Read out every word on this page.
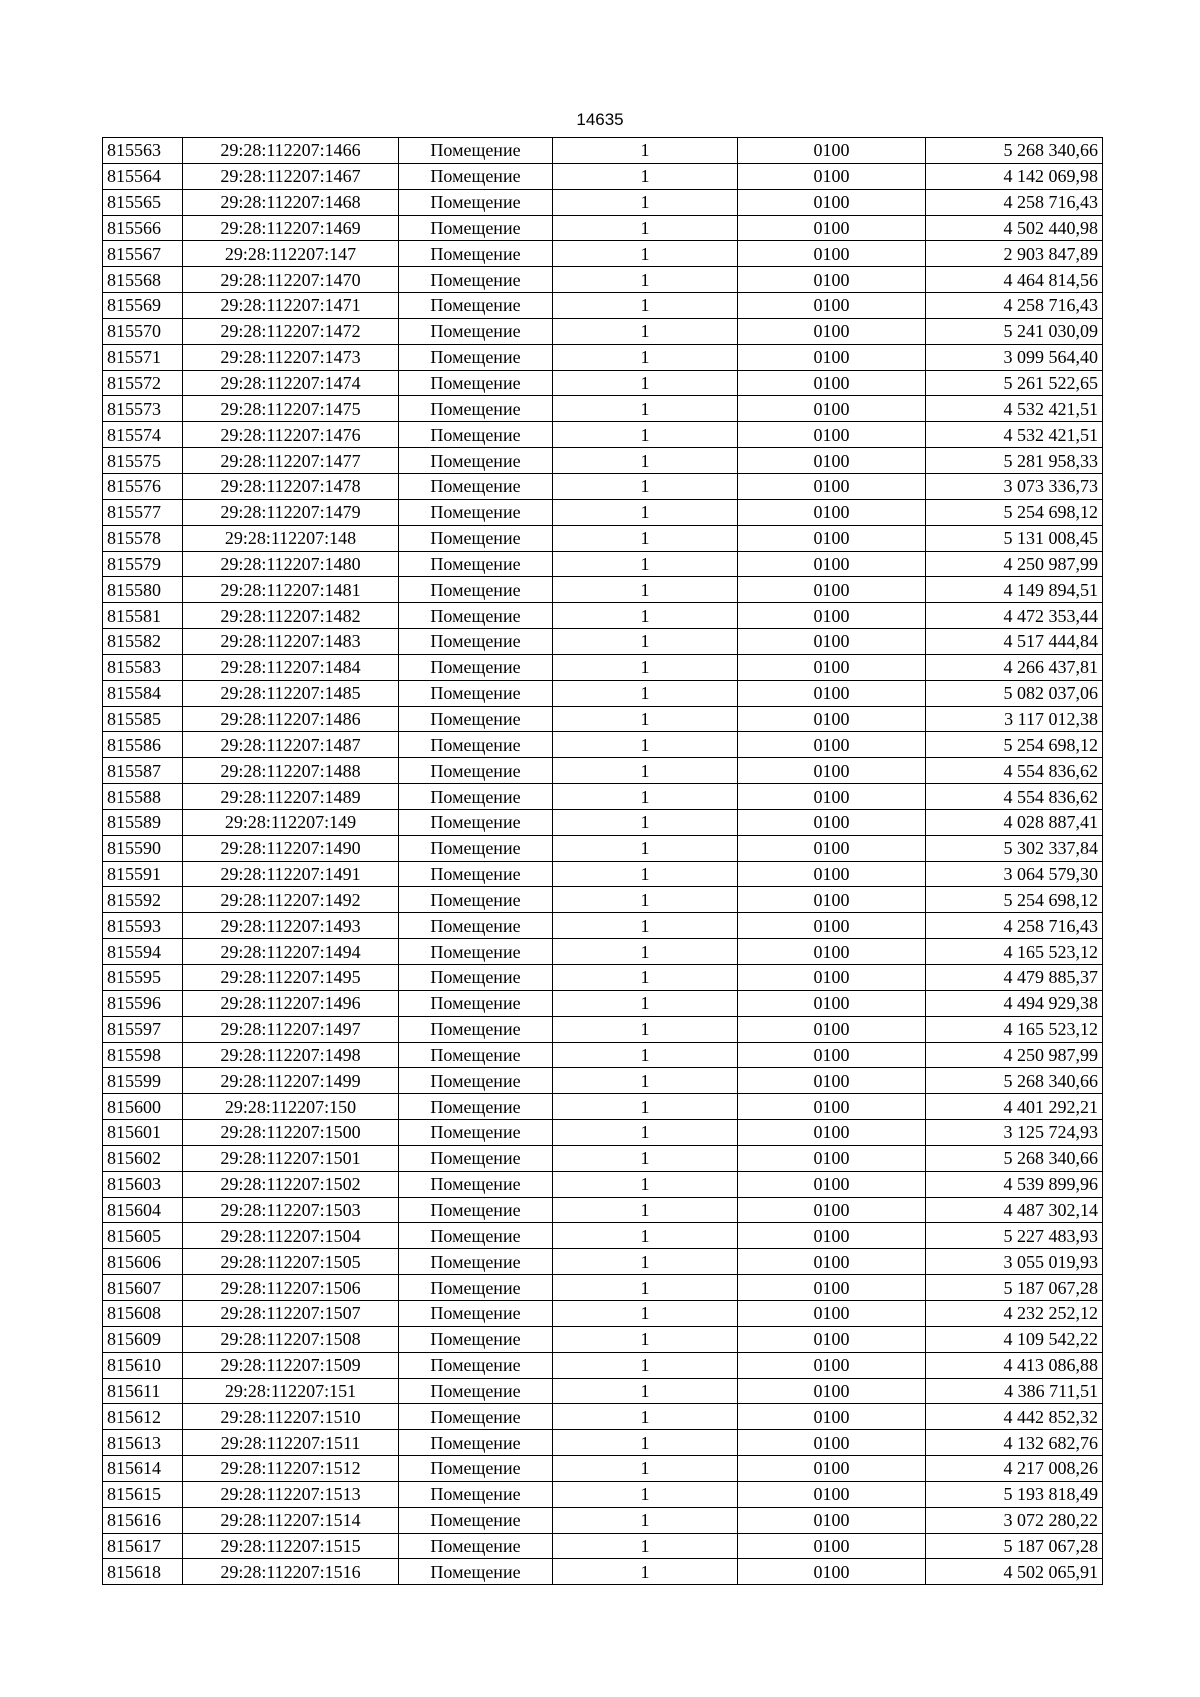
14635
815563	29:28:112207:1466	Помещение	1	0100	5 268 340,66
815564	29:28:112207:1467	Помещение	1	0100	4 142 069,98
815565	29:28:112207:1468	Помещение	1	0100	4 258 716,43
815566	29:28:112207:1469	Помещение	1	0100	4 502 440,98
815567	29:28:112207:147	Помещение	1	0100	2 903 847,89
815568	29:28:112207:1470	Помещение	1	0100	4 464 814,56
815569	29:28:112207:1471	Помещение	1	0100	4 258 716,43
815570	29:28:112207:1472	Помещение	1	0100	5 241 030,09
815571	29:28:112207:1473	Помещение	1	0100	3 099 564,40
815572	29:28:112207:1474	Помещение	1	0100	5 261 522,65
815573	29:28:112207:1475	Помещение	1	0100	4 532 421,51
815574	29:28:112207:1476	Помещение	1	0100	4 532 421,51
815575	29:28:112207:1477	Помещение	1	0100	5 281 958,33
815576	29:28:112207:1478	Помещение	1	0100	3 073 336,73
815577	29:28:112207:1479	Помещение	1	0100	5 254 698,12
815578	29:28:112207:148	Помещение	1	0100	5 131 008,45
815579	29:28:112207:1480	Помещение	1	0100	4 250 987,99
815580	29:28:112207:1481	Помещение	1	0100	4 149 894,51
815581	29:28:112207:1482	Помещение	1	0100	4 472 353,44
815582	29:28:112207:1483	Помещение	1	0100	4 517 444,84
815583	29:28:112207:1484	Помещение	1	0100	4 266 437,81
815584	29:28:112207:1485	Помещение	1	0100	5 082 037,06
815585	29:28:112207:1486	Помещение	1	0100	3 117 012,38
815586	29:28:112207:1487	Помещение	1	0100	5 254 698,12
815587	29:28:112207:1488	Помещение	1	0100	4 554 836,62
815588	29:28:112207:1489	Помещение	1	0100	4 554 836,62
815589	29:28:112207:149	Помещение	1	0100	4 028 887,41
815590	29:28:112207:1490	Помещение	1	0100	5 302 337,84
815591	29:28:112207:1491	Помещение	1	0100	3 064 579,30
815592	29:28:112207:1492	Помещение	1	0100	5 254 698,12
815593	29:28:112207:1493	Помещение	1	0100	4 258 716,43
815594	29:28:112207:1494	Помещение	1	0100	4 165 523,12
815595	29:28:112207:1495	Помещение	1	0100	4 479 885,37
815596	29:28:112207:1496	Помещение	1	0100	4 494 929,38
815597	29:28:112207:1497	Помещение	1	0100	4 165 523,12
815598	29:28:112207:1498	Помещение	1	0100	4 250 987,99
815599	29:28:112207:1499	Помещение	1	0100	5 268 340,66
815600	29:28:112207:150	Помещение	1	0100	4 401 292,21
815601	29:28:112207:1500	Помещение	1	0100	3 125 724,93
815602	29:28:112207:1501	Помещение	1	0100	5 268 340,66
815603	29:28:112207:1502	Помещение	1	0100	4 539 899,96
815604	29:28:112207:1503	Помещение	1	0100	4 487 302,14
815605	29:28:112207:1504	Помещение	1	0100	5 227 483,93
815606	29:28:112207:1505	Помещение	1	0100	3 055 019,93
815607	29:28:112207:1506	Помещение	1	0100	5 187 067,28
815608	29:28:112207:1507	Помещение	1	0100	4 232 252,12
815609	29:28:112207:1508	Помещение	1	0100	4 109 542,22
815610	29:28:112207:1509	Помещение	1	0100	4 413 086,88
815611	29:28:112207:151	Помещение	1	0100	4 386 711,51
815612	29:28:112207:1510	Помещение	1	0100	4 442 852,32
815613	29:28:112207:1511	Помещение	1	0100	4 132 682,76
815614	29:28:112207:1512	Помещение	1	0100	4 217 008,26
815615	29:28:112207:1513	Помещение	1	0100	5 193 818,49
815616	29:28:112207:1514	Помещение	1	0100	3 072 280,22
815617	29:28:112207:1515	Помещение	1	0100	5 187 067,28
815618	29:28:112207:1516	Помещение	1	0100	4 502 065,91
